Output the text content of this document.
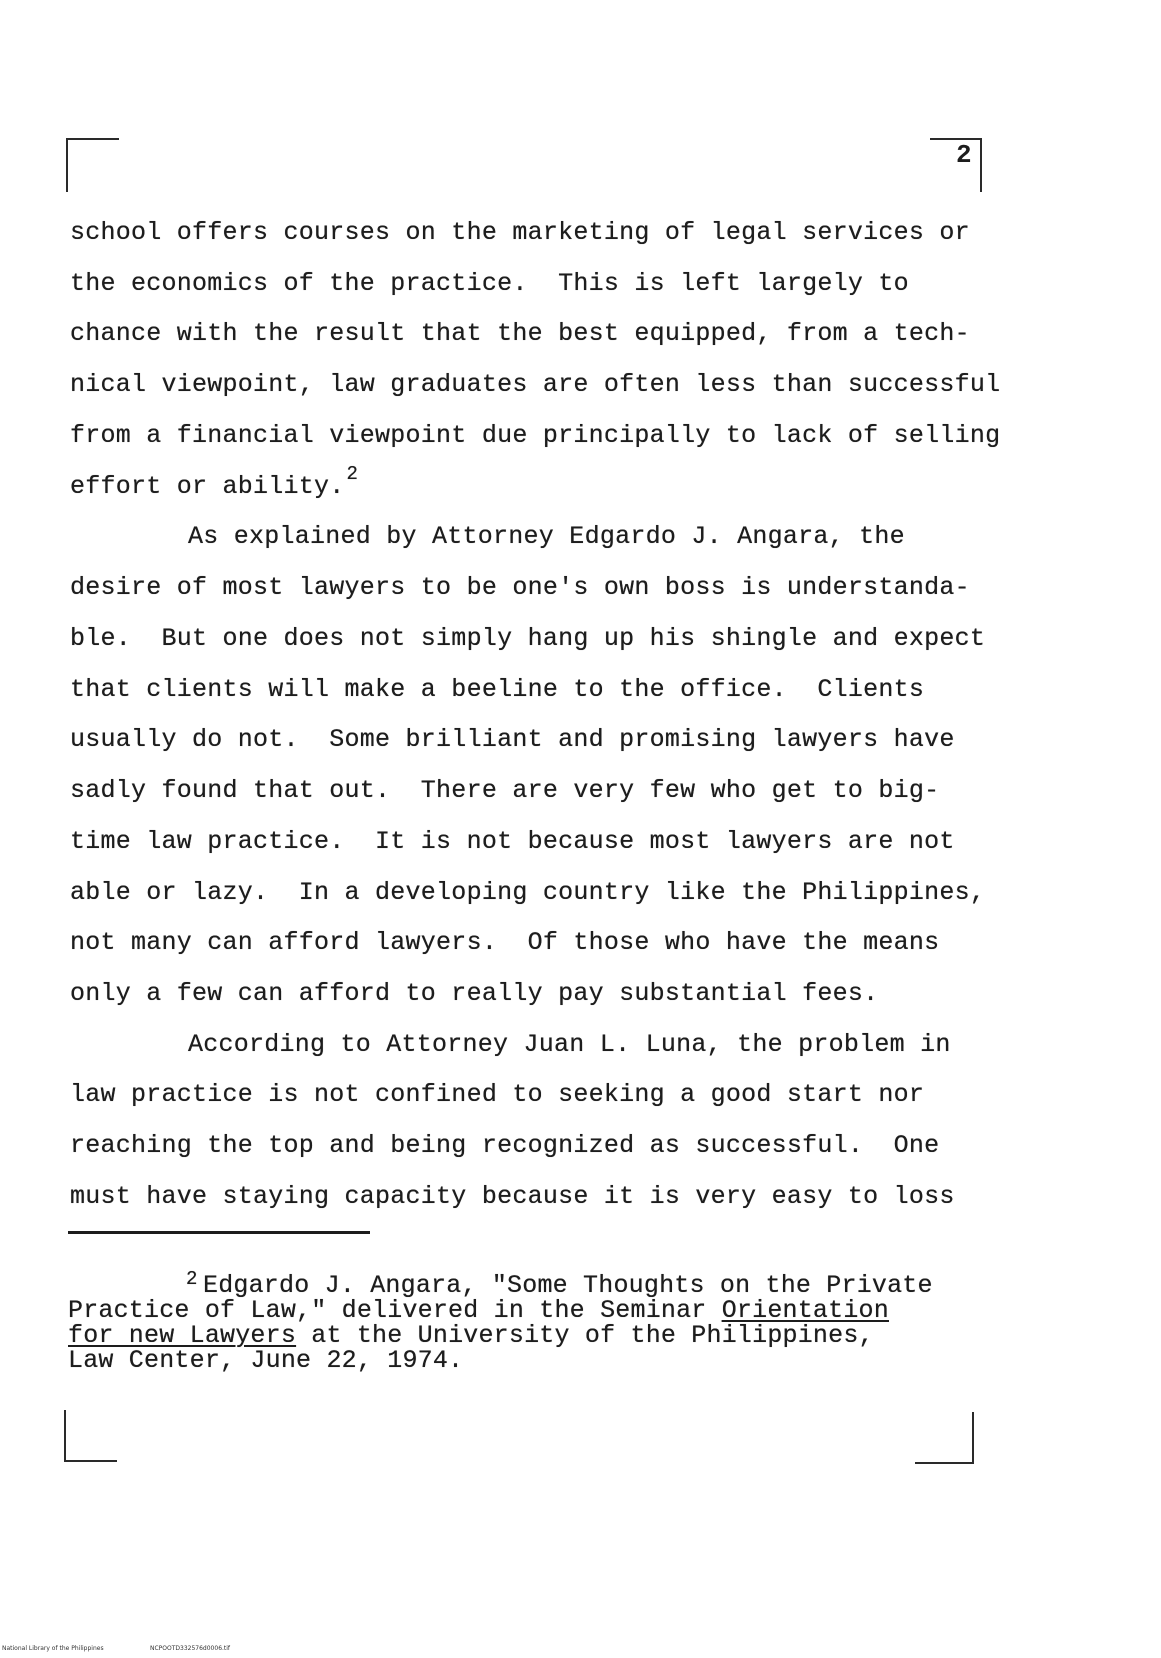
2
school offers courses on the marketing of legal services or
the economics of the practice.  This is left largely to
chance with the result that the best equipped, from a tech-
nical viewpoint, law graduates are often less than successful
from a financial viewpoint due principally to lack of selling
effort or ability. $^2$
As explained by Attorney Edgardo J. Angara, the
desire of most lawyers to be one's own boss is understanda-
ble.  But one does not simply hang up his shingle and expect
that clients will make a beeline to the office.  Clients
usually do not.  Some brilliant and promising lawyers have
sadly found that out.  There are very few who get to big-
time law practice.  It is not because most lawyers are not
able or lazy.  In a developing country like the Philippines,
not many can afford lawyers.  Of those who have the means
only a few can afford to really pay substantial fees.
According to Attorney Juan L. Luna, the problem in
law practice is not confined to seeking a good start nor
reaching the top and being recognized as successful.  One
must have staying capacity because it is very easy to loss
2 Edgardo J. Angara, "Some Thoughts on the Private
Practice of Law," delivered in the Seminar Orientation
for new Lawyers at the University of the Philippines,
Law Center, June 22, 1974.
National Library of the Philippines	NCPOOTD332576d0006.tif
